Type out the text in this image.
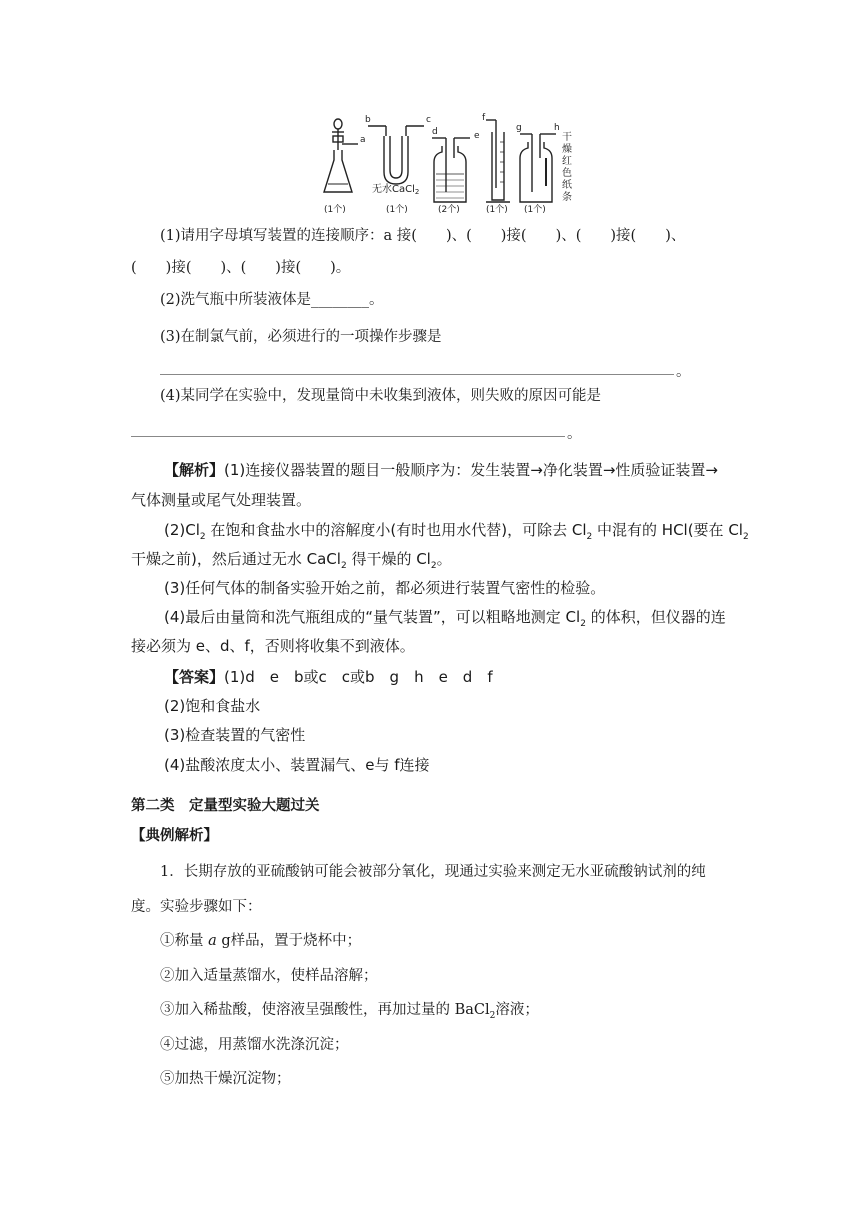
a
b	c
d	e
f
g	h
无水CaCl$_2$
干
燥
红
色
纸
条
(1个)	(1个)	(2个)	(1个) (1个)
(1)请用字母填写装置的连接顺序：a 接(　　)、(　　)接(　　)、(　　)接(　　)、
(　　)接(　　)、(　　)接(　　)。
(2)洗气瓶中所装液体是________。
(3)在制氯气前，必须进行的一项操作步骤是
。
(4)某同学在实验中，发现量筒中未收集到液体，则失败的原因可能是
。
【解析】(1)连接仪器装置的题目一般顺序为：发生装置→净化装置→性质验证装置→
气体测量或尾气处理装置。
$(2)Cl_2$ 在饱和食盐水中的溶解度小(有时也用水代替)，可除去 $Cl_2$ 中混有的 HCl(要在 $Cl_2$
干燥之前)，然后通过无水 CaCl$_2$ 得干燥的 $Cl_2$。
(3)任何气体的制备实验开始之前，都必须进行装置气密性的检验。
(4)最后由量筒和洗气瓶组成的“量气装置”，可以粗略地测定 $Cl_2$ 的体积，但仪器的连
接必须为 e、d、f，否则将收集不到液体。
【答案】(1)d　e　b或c　c或b　g　h　e　d　f
(2)饱和食盐水
(3)检查装置的气密性
(4)盐酸浓度太小、装置漏气、e与 f连接
第二类　定量型实验大题过关
【典例解析】
1．长期存放的亚硫酸钠可能会被部分氧化，现通过实验来测定无水亚硫酸钠试剂的纯
度。实验步骤如下：
①称量 a g样品，置于烧杯中；
②加入适量蒸馏水，使样品溶解；
③加入稀盐酸，使溶液呈强酸性，再加过量的 BaCl$_2$溶液；
④过滤，用蒸馏水洗涤沉淀；
⑤加热干燥沉淀物；
